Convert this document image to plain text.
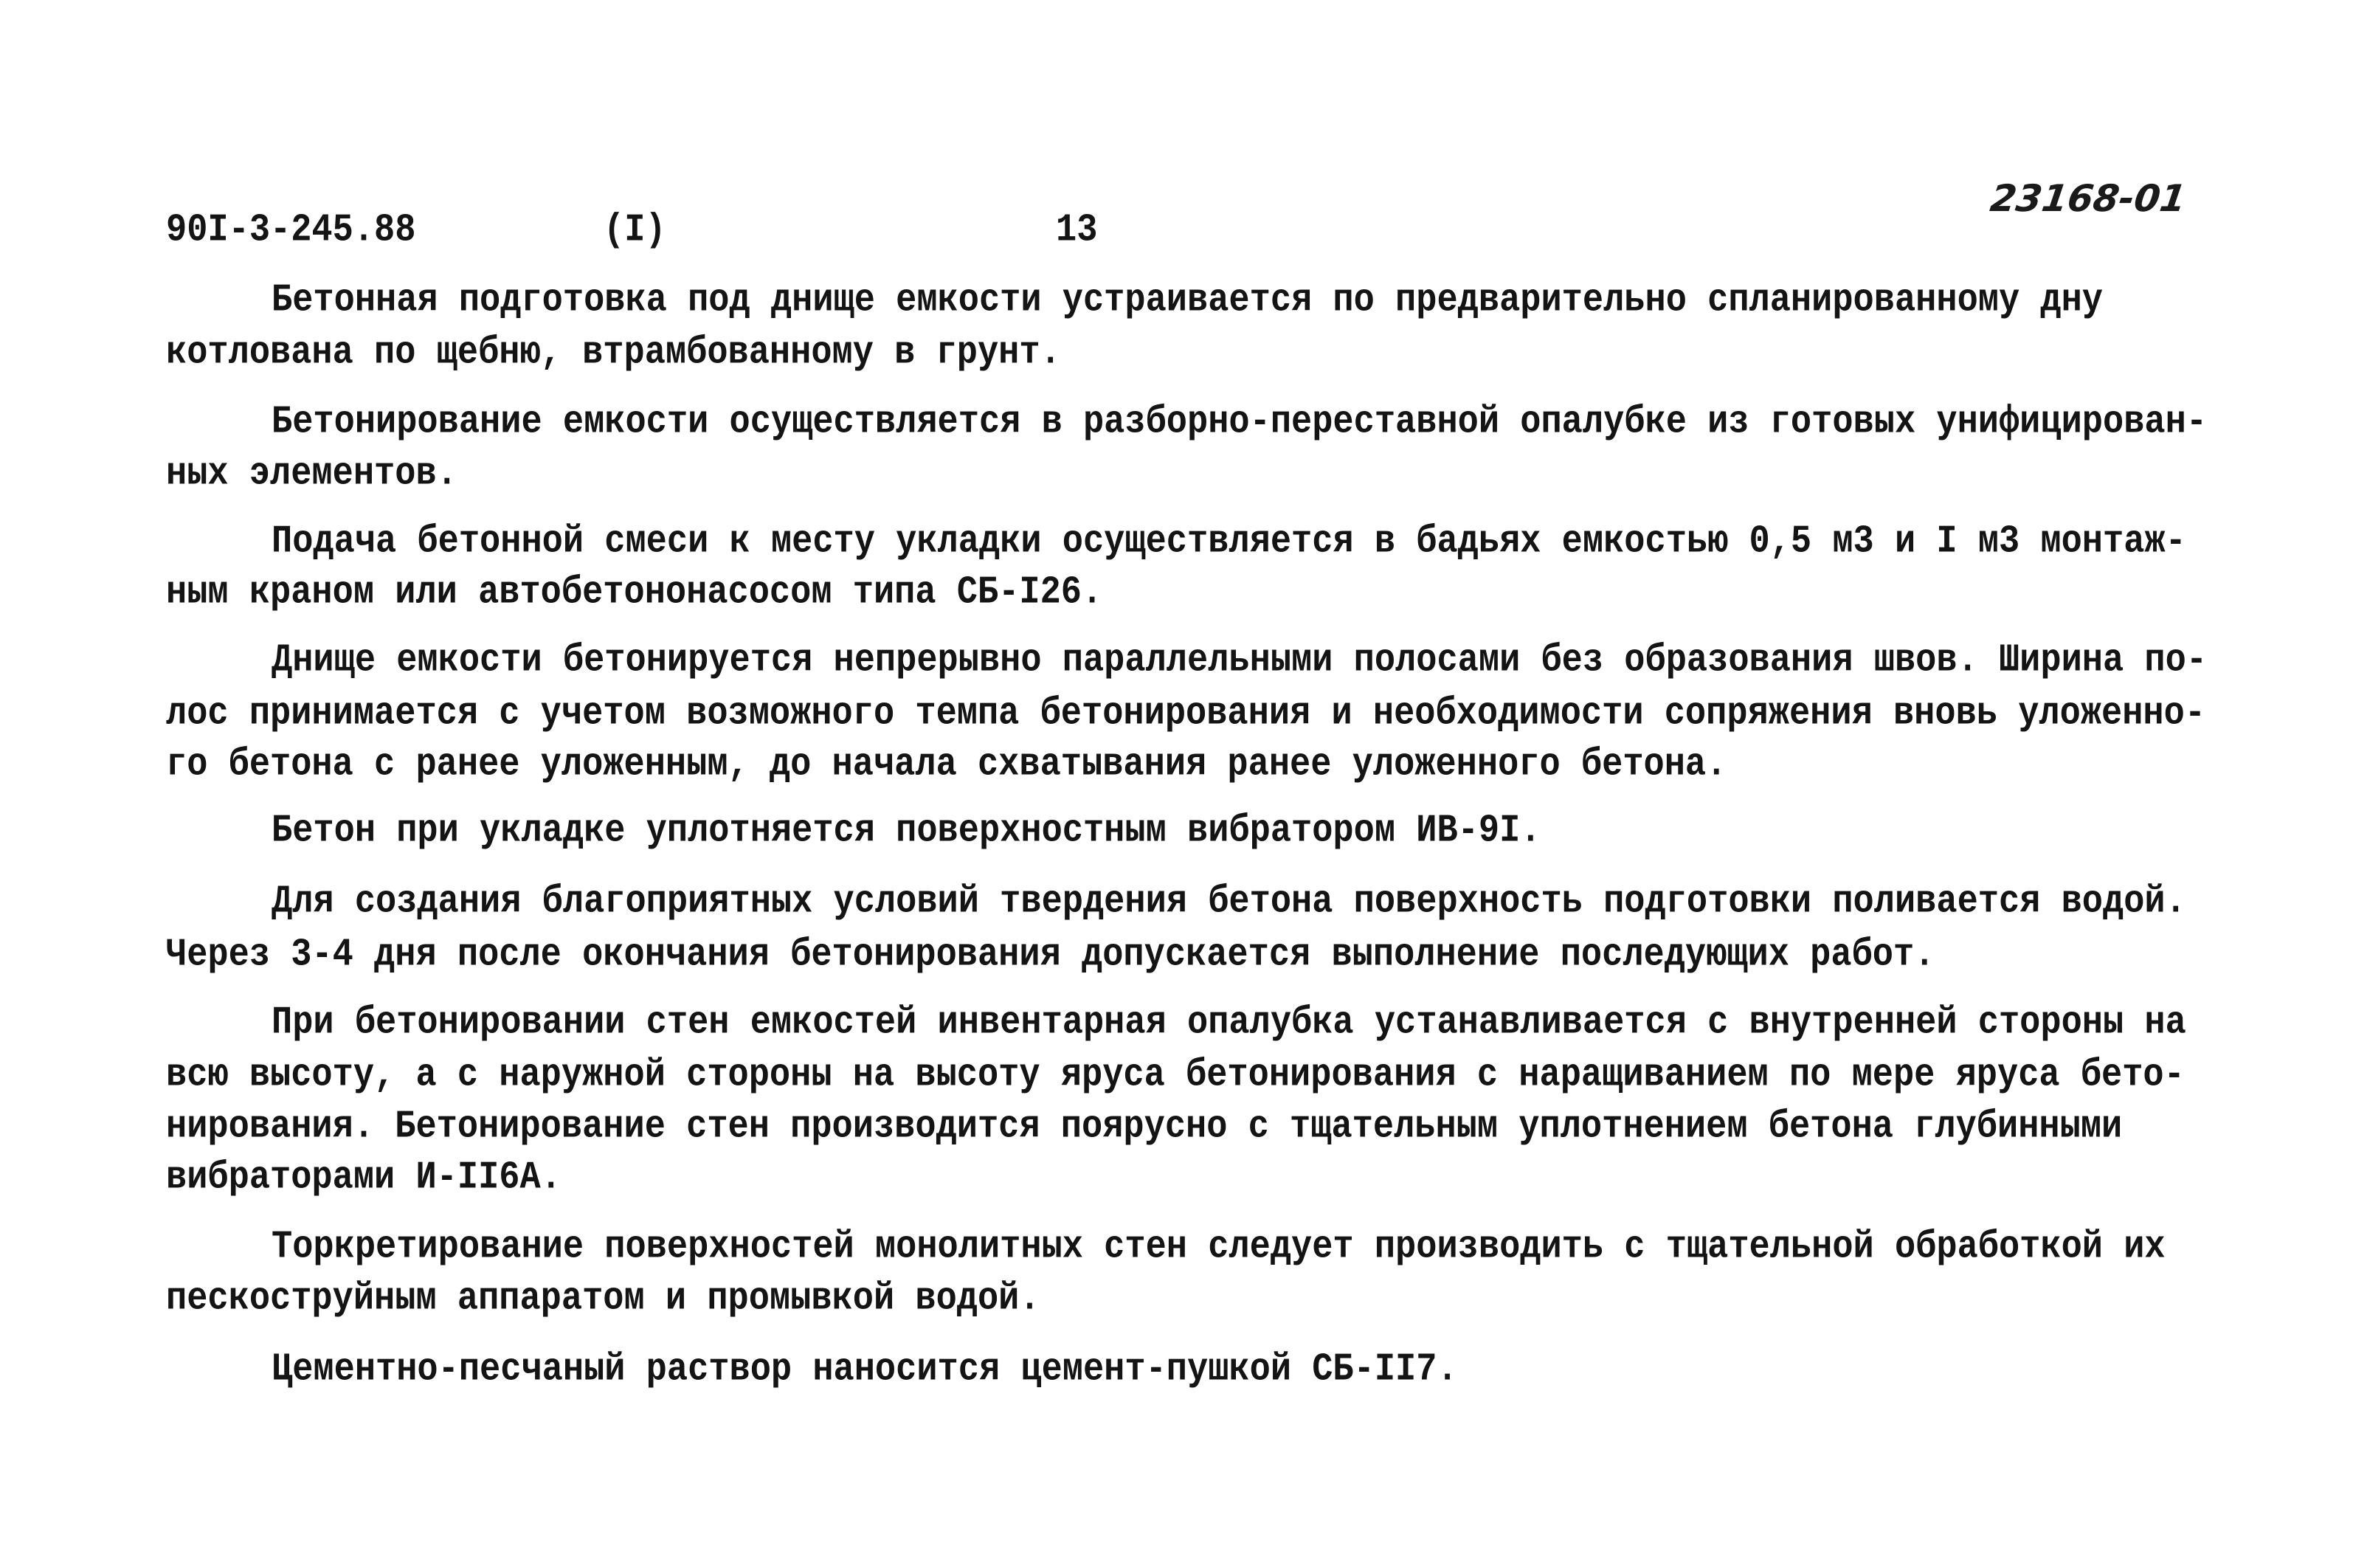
90I-3-245.88	(I)	13
23168-01
Бетонная подготовка под днище емкости устраивается по предварительно спланированному дну
котлована по щебню, втрамбованному в грунт.
Бетонирование емкости осуществляется в разборно-переставной опалубке из готовых унифицирован-
ных элементов.
Подача бетонной смеси к месту укладки осуществляется в бадьях емкостью 0,5 м3 и I м3 монтаж-
ным краном или автобетононасосом типа СБ-I26.
Днище емкости бетонируется непрерывно параллельными полосами без образования швов. Ширина по-
лос принимается с учетом возможного темпа бетонирования и необходимости сопряжения вновь уложенно-
го бетона с ранее уложенным, до начала схватывания ранее уложенного бетона.
Бетон при укладке уплотняется поверхностным вибратором ИВ-9I.
Для создания благоприятных условий твердения бетона поверхность подготовки поливается водой.
Через 3-4 дня после окончания бетонирования допускается выполнение последующих работ.
При бетонировании стен емкостей инвентарная опалубка устанавливается с внутренней стороны на
всю высоту, а с наружной стороны на высоту яруса бетонирования с наращиванием по мере яруса бето-
нирования. Бетонирование стен производится поярусно с тщательным уплотнением бетона глубинными
вибраторами И-II6А.
Торкретирование поверхностей монолитных стен следует производить с тщательной обработкой их
пескоструйным аппаратом и промывкой водой.
Цементно-песчаный раствор наносится цемент-пушкой СБ-II7.
